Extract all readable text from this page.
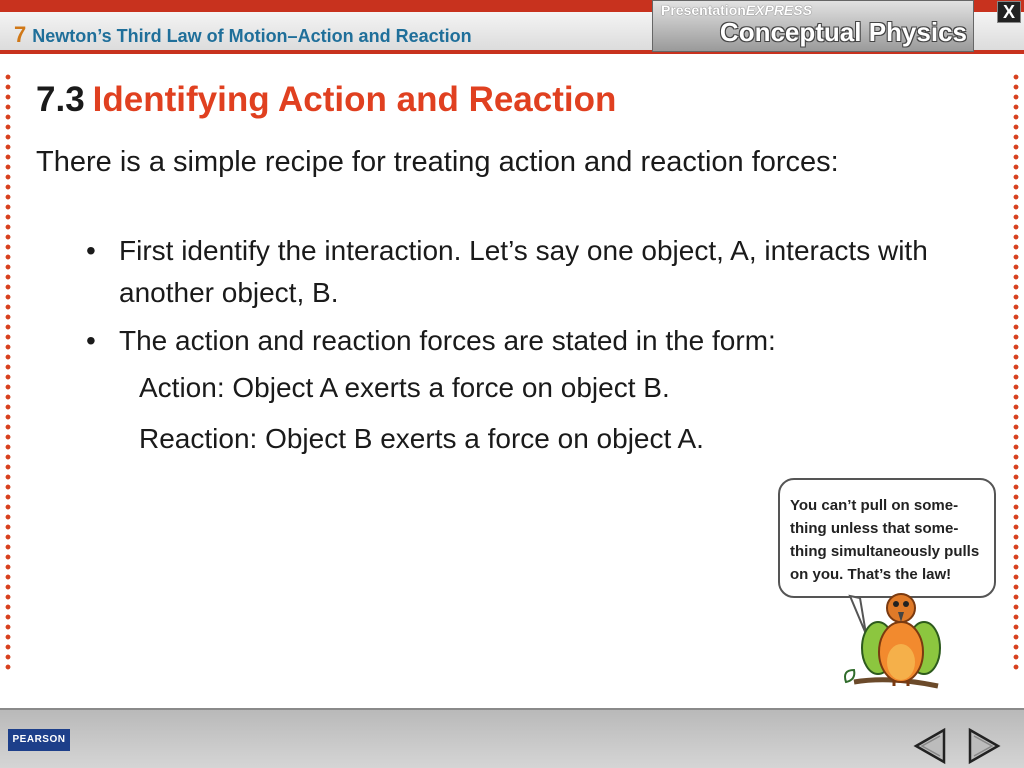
7 Newton’s Third Law of Motion–Action and Reaction
PresentationEXPRESS
Conceptual Physics
X
7.3 Identifying Action and Reaction
There is a simple recipe for treating action and reaction forces:
• First identify the interaction. Let’s say one object, A, interacts with another object, B.
• The action and reaction forces are stated in the form:
Action: Object A exerts a force on object B.
Reaction: Object B exerts a force on object A.
You can’t pull on some-thing unless that some-thing simultaneously pulls on you. That’s the law!
PEARSON
